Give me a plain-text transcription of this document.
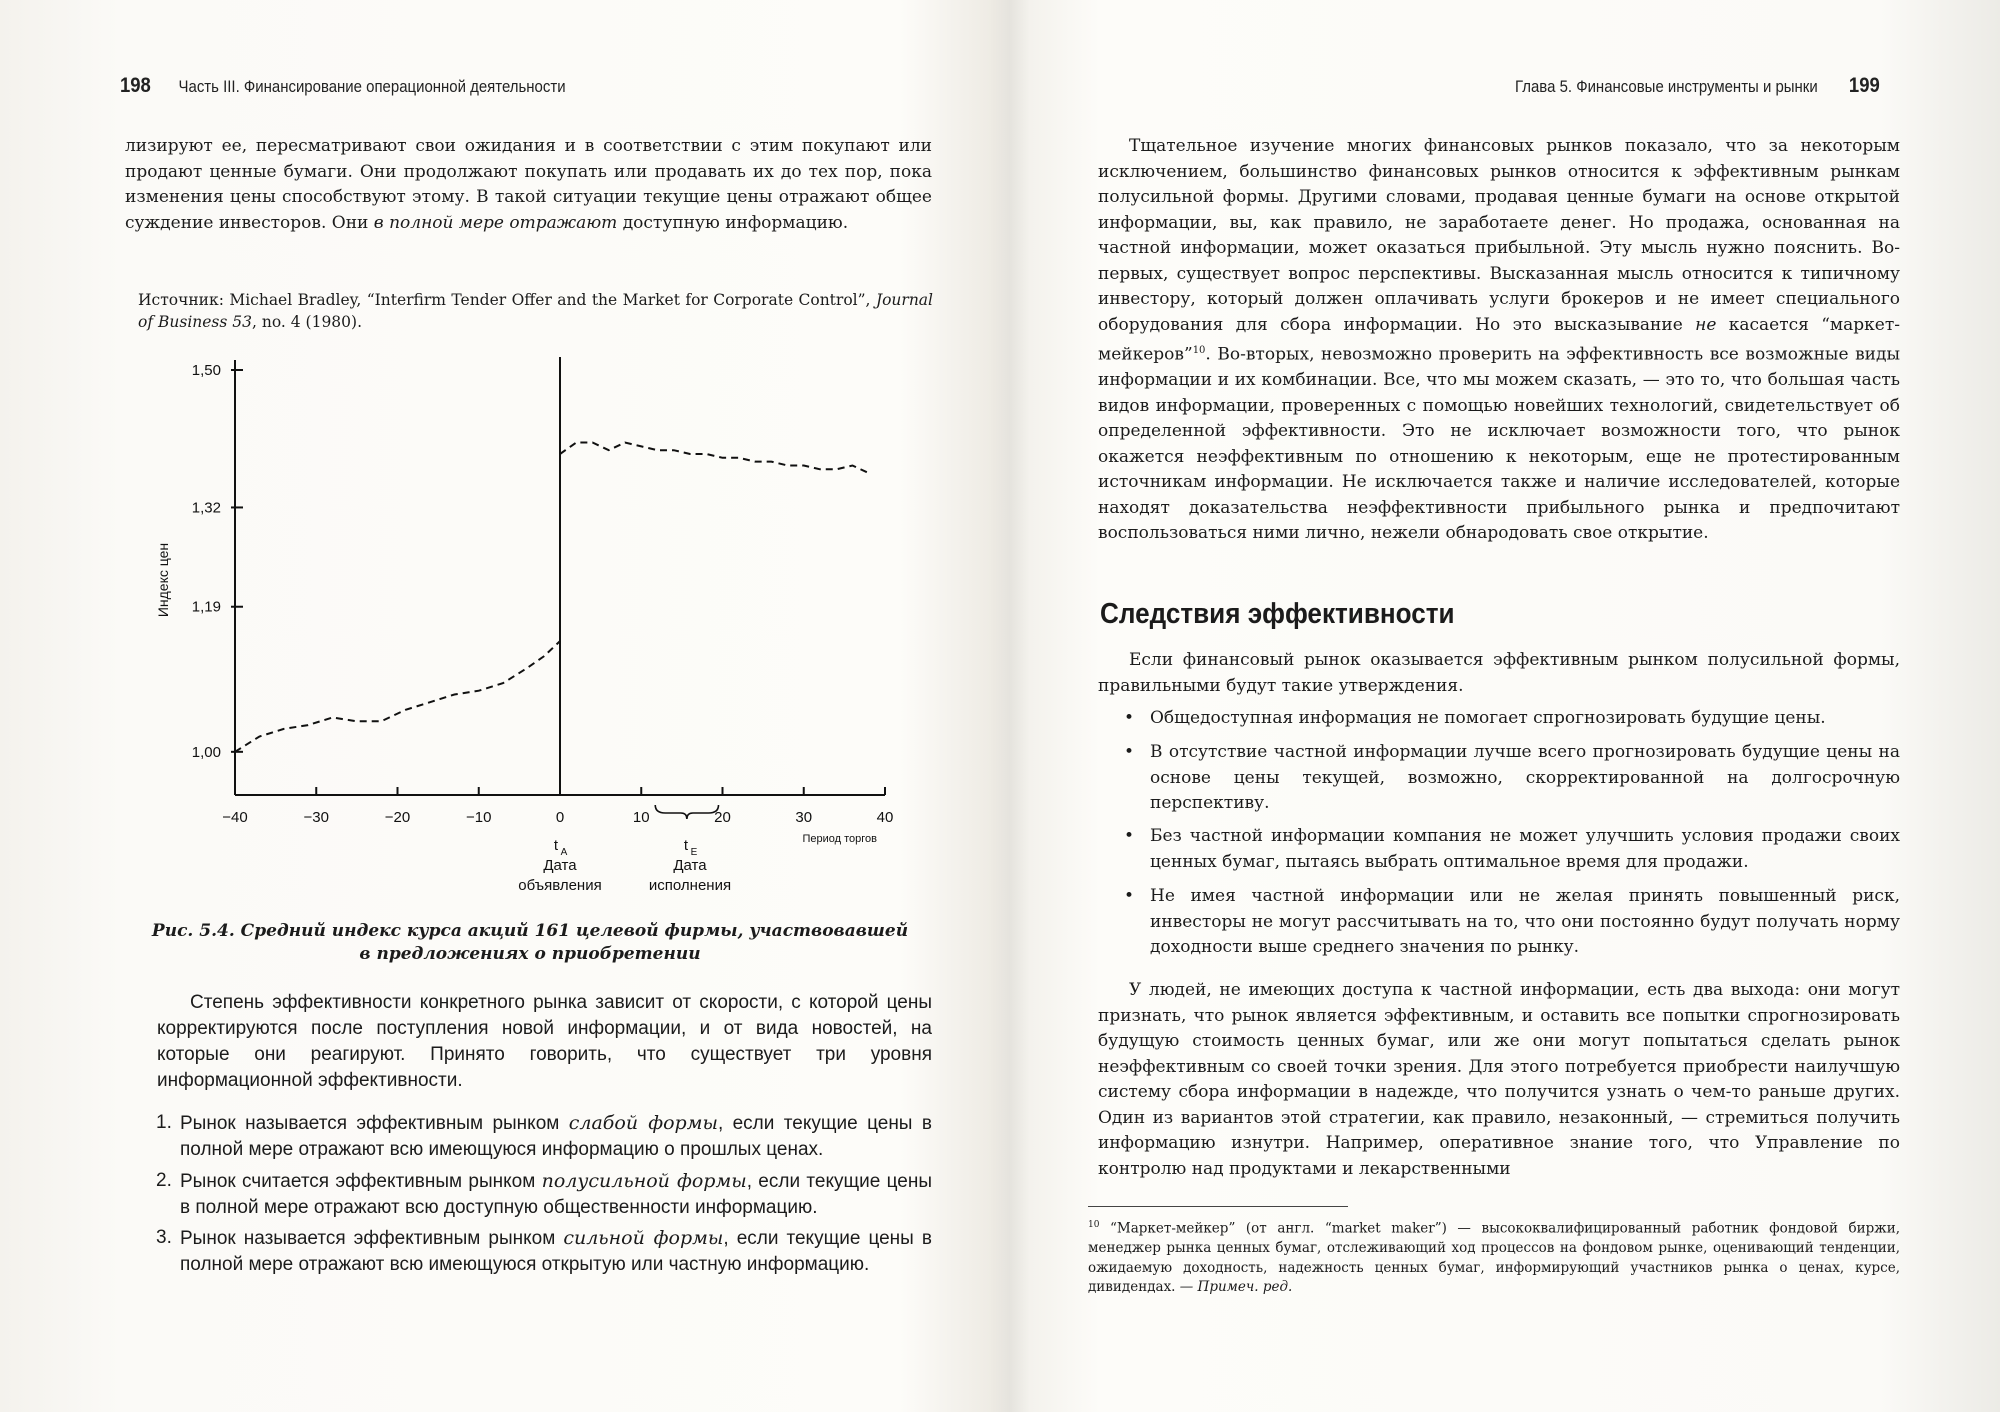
198 Часть III. Финансирование операционной деятельности

лизируют ее, пересматривают свои ожидания и в соответствии с этим покупают или продают ценные бумаги. Они продолжают покупать или продавать их до тех пор, пока изменения цены способствуют этому. В такой ситуации текущие цены отражают общее суждение инвесторов. Они в полной мере отражают доступную информацию.

Источник: Michael Bradley, “Interfirm Tender Offer and the Market for Corporate Control”, Journal of Business 53, no. 4 (1980).

−40	−30	−20	−10	0	10	20	30	40
1,00
1,19
1,32
1,50
Индекс цен
Период торгов
t A
Дата
объявления
t E
Дата
исполнения
Рис. 5.4. Средний индекс курса акций 161 целевой фирмы, участвовавшей
в предложениях о приобретении

Степень эффективности конкретного рынка зависит от скорости, с которой цены корректируются после поступления новой информации, и от вида новостей, на которые они реагируют. Принято говорить, что существует три уровня информационной эффективности.

1. Рынок называется эффективным рынком слабой формы, если текущие цены в полной мере отражают всю имеющуюся информацию о прошлых ценах.
2. Рынок считается эффективным рынком полусильной формы, если текущие цены в полной мере отражают всю доступную общественности информацию.
3. Рынок называется эффективным рынком сильной формы, если текущие цены в полной мере отражают всю имеющуюся открытую или частную информацию.
Глава 5. Финансовые инструменты и рынки 199

Тщательное изучение многих финансовых рынков показало, что за некоторым исключением, большинство финансовых рынков относится к эффективным рынкам полусильной формы. Другими словами, продавая ценные бумаги на основе открытой информации, вы, как правило, не заработаете денег. Но продажа, основанная на частной информации, может оказаться прибыльной. Эту мысль нужно пояснить. Во-первых, существует вопрос перспективы. Высказанная мысль относится к типичному инвестору, который должен оплачивать услуги брокеров и не имеет специального оборудования для сбора информации. Но это высказывание не касается “маркет-мейкеров”$^{10}$. Во-вторых, невозможно проверить на эффективность все возможные виды информации и их комбинации. Все, что мы можем сказать, — это то, что большая часть видов информации, проверенных с помощью новейших технологий, свидетельствует об определенной эффективности. Это не исключает возможности того, что рынок окажется неэффективным по отношению к некоторым, еще не протестированным источникам информации. Не исключается также и наличие исследователей, которые находят доказательства неэффективности прибыльного рынка и предпочитают воспользоваться ними лично, нежели обнародовать свое открытие.

Следствия эффективности

Если финансовый рынок оказывается эффективным рынком полусильной формы, правильными будут такие утверждения.

• Общедоступная информация не помогает спрогнозировать будущие цены.
• В отсутствие частной информации лучше всего прогнозировать будущие цены на основе цены текущей, возможно, скорректированной на долгосрочную перспективу.
• Без частной информации компания не может улучшить условия продажи своих ценных бумаг, пытаясь выбрать оптимальное время для продажи.
• Не имея частной информации или не желая принять повышенный риск, инвесторы не могут рассчитывать на то, что они постоянно будут получать норму доходности выше среднего значения по рынку.

У людей, не имеющих доступа к частной информации, есть два выхода: они могут признать, что рынок является эффективным, и оставить все попытки спрогнозировать будущую стоимость ценных бумаг, или же они могут попытаться сделать рынок неэффективным со своей точки зрения. Для этого потребуется приобрести наилучшую систему сбора информации в надежде, что получится узнать о чем-то раньше других. Один из вариантов этой стратегии, как правило, незаконный, — стремиться получить информацию изнутри. Например, оперативное знание того, что Управление по контролю над продуктами и лекарственными

$^{10}$ “Маркет-мейкер” (от англ. “market maker”) — высококвалифицированный работник фондовой биржи, менеджер рынка ценных бумаг, отслеживающий ход процессов на фондовом рынке, оценивающий тенденции, ожидаемую доходность, надежность ценных бумаг, информирующий участников рынка о ценах, курсе, дивидендах. — Примеч. ред.
